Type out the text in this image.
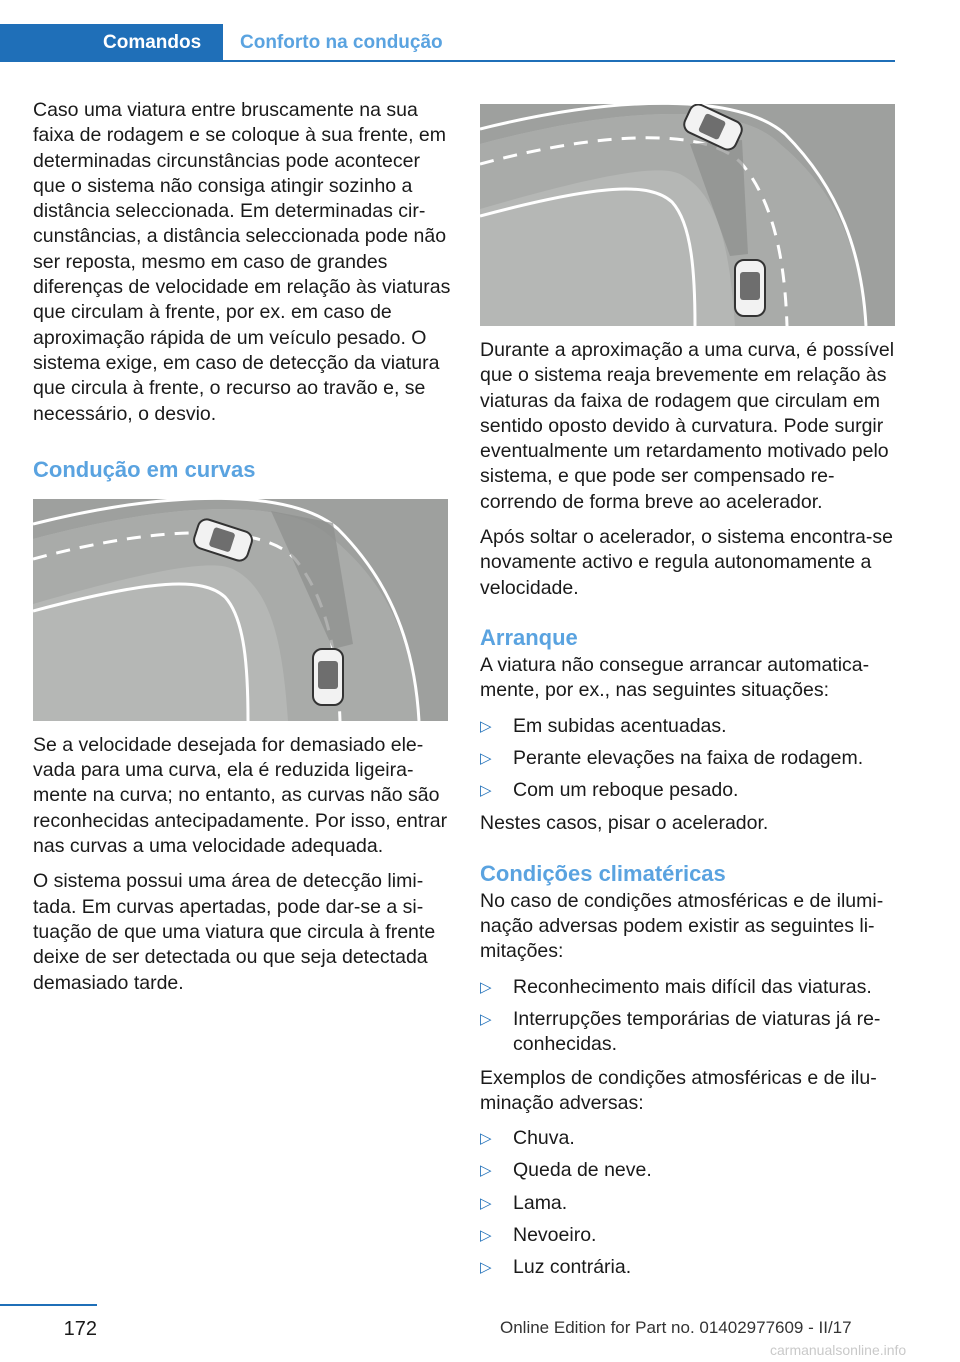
Comandos	Conforto na condução

Caso uma viatura entre bruscamente na sua faixa de rodagem e se coloque à sua frente, em determinadas circunstâncias pode acontecer que o sistema não consiga atingir sozinho a distância seleccionada. Em determinadas circunstâncias, a distância seleccionada pode não ser reposta, mesmo em caso de grandes diferenças de velocidade em relação às viaturas que circulam à frente, por ex. em caso de aproximação rápida de um veículo pesado. O sistema exige, em caso de detecção da viatura que circula à frente, o recurso ao travão e, se necessário, o desvio.

Condução em curvas

Se a velocidade desejada for demasiado elevada para uma curva, ela é reduzida ligeiramente na curva; no entanto, as curvas não são reconhecidas antecipadamente. Por isso, entrar nas curvas a uma velocidade adequada.

O sistema possui uma área de detecção limitada. Em curvas apertadas, pode dar-se a situação de que uma viatura que circula à frente deixe de ser detectada ou que seja detectada demasiado tarde.

Durante a aproximação a uma curva, é possível que o sistema reaja brevemente em relação às viaturas da faixa de rodagem que circulam em sentido oposto devido à curvatura. Pode surgir eventualmente um retardamento motivado pelo sistema, e que pode ser compensado recorrendo de forma breve ao acelerador.

Após soltar o acelerador, o sistema encontra-se novamente activo e regula autonomamente a velocidade.

Arranque

A viatura não consegue arrancar automaticamente, por ex., nas seguintes situações:

▷ Em subidas acentuadas.
▷ Perante elevações na faixa de rodagem.
▷ Com um reboque pesado.

Nestes casos, pisar o acelerador.

Condições climatéricas

No caso de condições atmosféricas e de iluminação adversas podem existir as seguintes limitações:

▷ Reconhecimento mais difícil das viaturas.
▷ Interrupções temporárias de viaturas já reconhecidas.

Exemplos de condições atmosféricas e de iluminação adversas:

▷ Chuva.
▷ Queda de neve.
▷ Lama.
▷ Nevoeiro.
▷ Luz contrária.
172	Online Edition for Part no. 01402977609 - II/17
carmanualsonline.info
